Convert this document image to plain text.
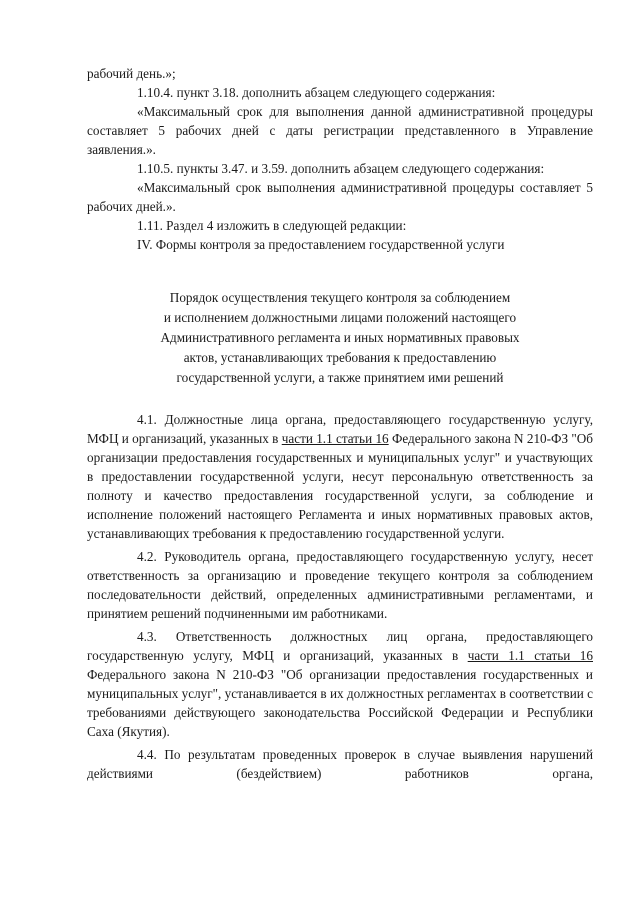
рабочий день.»;

1.10.4. пункт 3.18. дополнить абзацем следующего содержания:

«Максимальный срок для выполнения данной административной процедуры составляет 5 рабочих дней с даты регистрации представленного в Управление заявления.».

1.10.5. пункты 3.47. и 3.59. дополнить абзацем следующего содержания:

«Максимальный срок выполнения административной процедуры составляет 5 рабочих дней.».

1.11. Раздел 4 изложить в следующей редакции:

IV. Формы контроля за предоставлением государственной услуги

Порядок осуществления текущего контроля за соблюдением
и исполнением должностными лицами положений настоящего
Административного регламента и иных нормативных правовых
актов, устанавливающих требования к предоставлению
государственной услуги, а также принятием ими решений

4.1. Должностные лица органа, предоставляющего государственную услугу, МФЦ и организаций, указанных в части 1.1 статьи 16 Федерального закона N 210-ФЗ "Об организации предоставления государственных и муниципальных услуг" и участвующих в предоставлении государственной услуги, несут персональную ответственность за полноту и качество предоставления государственной услуги, за соблюдение и исполнение положений настоящего Регламента и иных нормативных правовых актов, устанавливающих требования к предоставлению государственной услуги.

4.2. Руководитель органа, предоставляющего государственную услугу, несет ответственность за организацию и проведение текущего контроля за соблюдением последовательности действий, определенных административными регламентами, и принятием решений подчиненными им работниками.

4.3. Ответственность должностных лиц органа, предоставляющего государственную услугу, МФЦ и организаций, указанных в части 1.1 статьи 16 Федерального закона N 210-ФЗ "Об организации предоставления государственных и муниципальных услуг", устанавливается в их должностных регламентах в соответствии с требованиями действующего законодательства Российской Федерации и Республики Саха (Якутия).

4.4. По результатам проведенных проверок в случае выявления нарушений действиями (бездействием) работников органа,
